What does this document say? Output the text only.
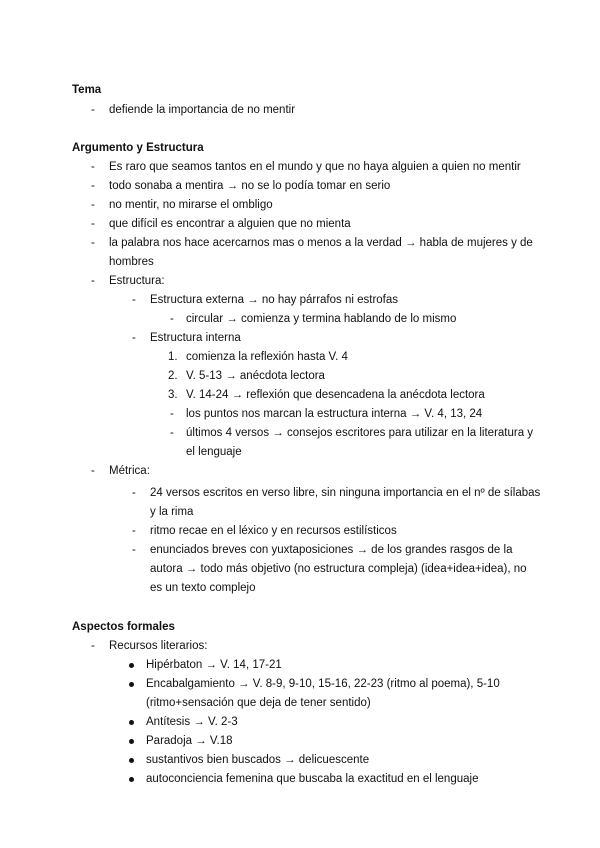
Tema
- defiende la importancia de no mentir
Argumento y Estructura
- Es raro que seamos tantos en el mundo y que no haya alguien a quien no mentir
- todo sonaba a mentira → no se lo podía tomar en serio
- no mentir, no mirarse el ombligo
- que difícil es encontrar a alguien que no mienta
- la palabra nos hace acercarnos mas o menos a la verdad → habla de mujeres y de
hombres
- Estructura:
- Estructura externa → no hay párrafos ni estrofas
- circular → comienza y termina hablando de lo mismo
- Estructura interna
1. comienza la reflexión hasta V. 4
2. V. 5-13 → anécdota lectora
3. V. 14-24 → reflexión que desencadena la anécdota lectora
- los puntos nos marcan la estructura interna → V. 4, 13, 24
- últimos 4 versos → consejos escritores para utilizar en la literatura y
el lenguaje
- Métrica:
- 24 versos escritos en verso libre, sin ninguna importancia en el nº de sílabas
y la rima
- ritmo recae en el léxico y en recursos estilísticos
- enunciados breves con yuxtaposiciones → de los grandes rasgos de la
autora → todo más objetivo (no estructura compleja) (idea+idea+idea), no
es un texto complejo
Aspectos formales
- Recursos literarios:
Hipérbaton → V. 14, 17-21
Encabalgamiento → V. 8-9, 9-10, 15-16, 22-23 (ritmo al poema), 5-10
(ritmo+sensación que deja de tener sentido)
Antítesis → V. 2-3
Paradoja → V.18
sustantivos bien buscados → delicuescente
autoconciencia femenina que buscaba la exactitud en el lenguaje
